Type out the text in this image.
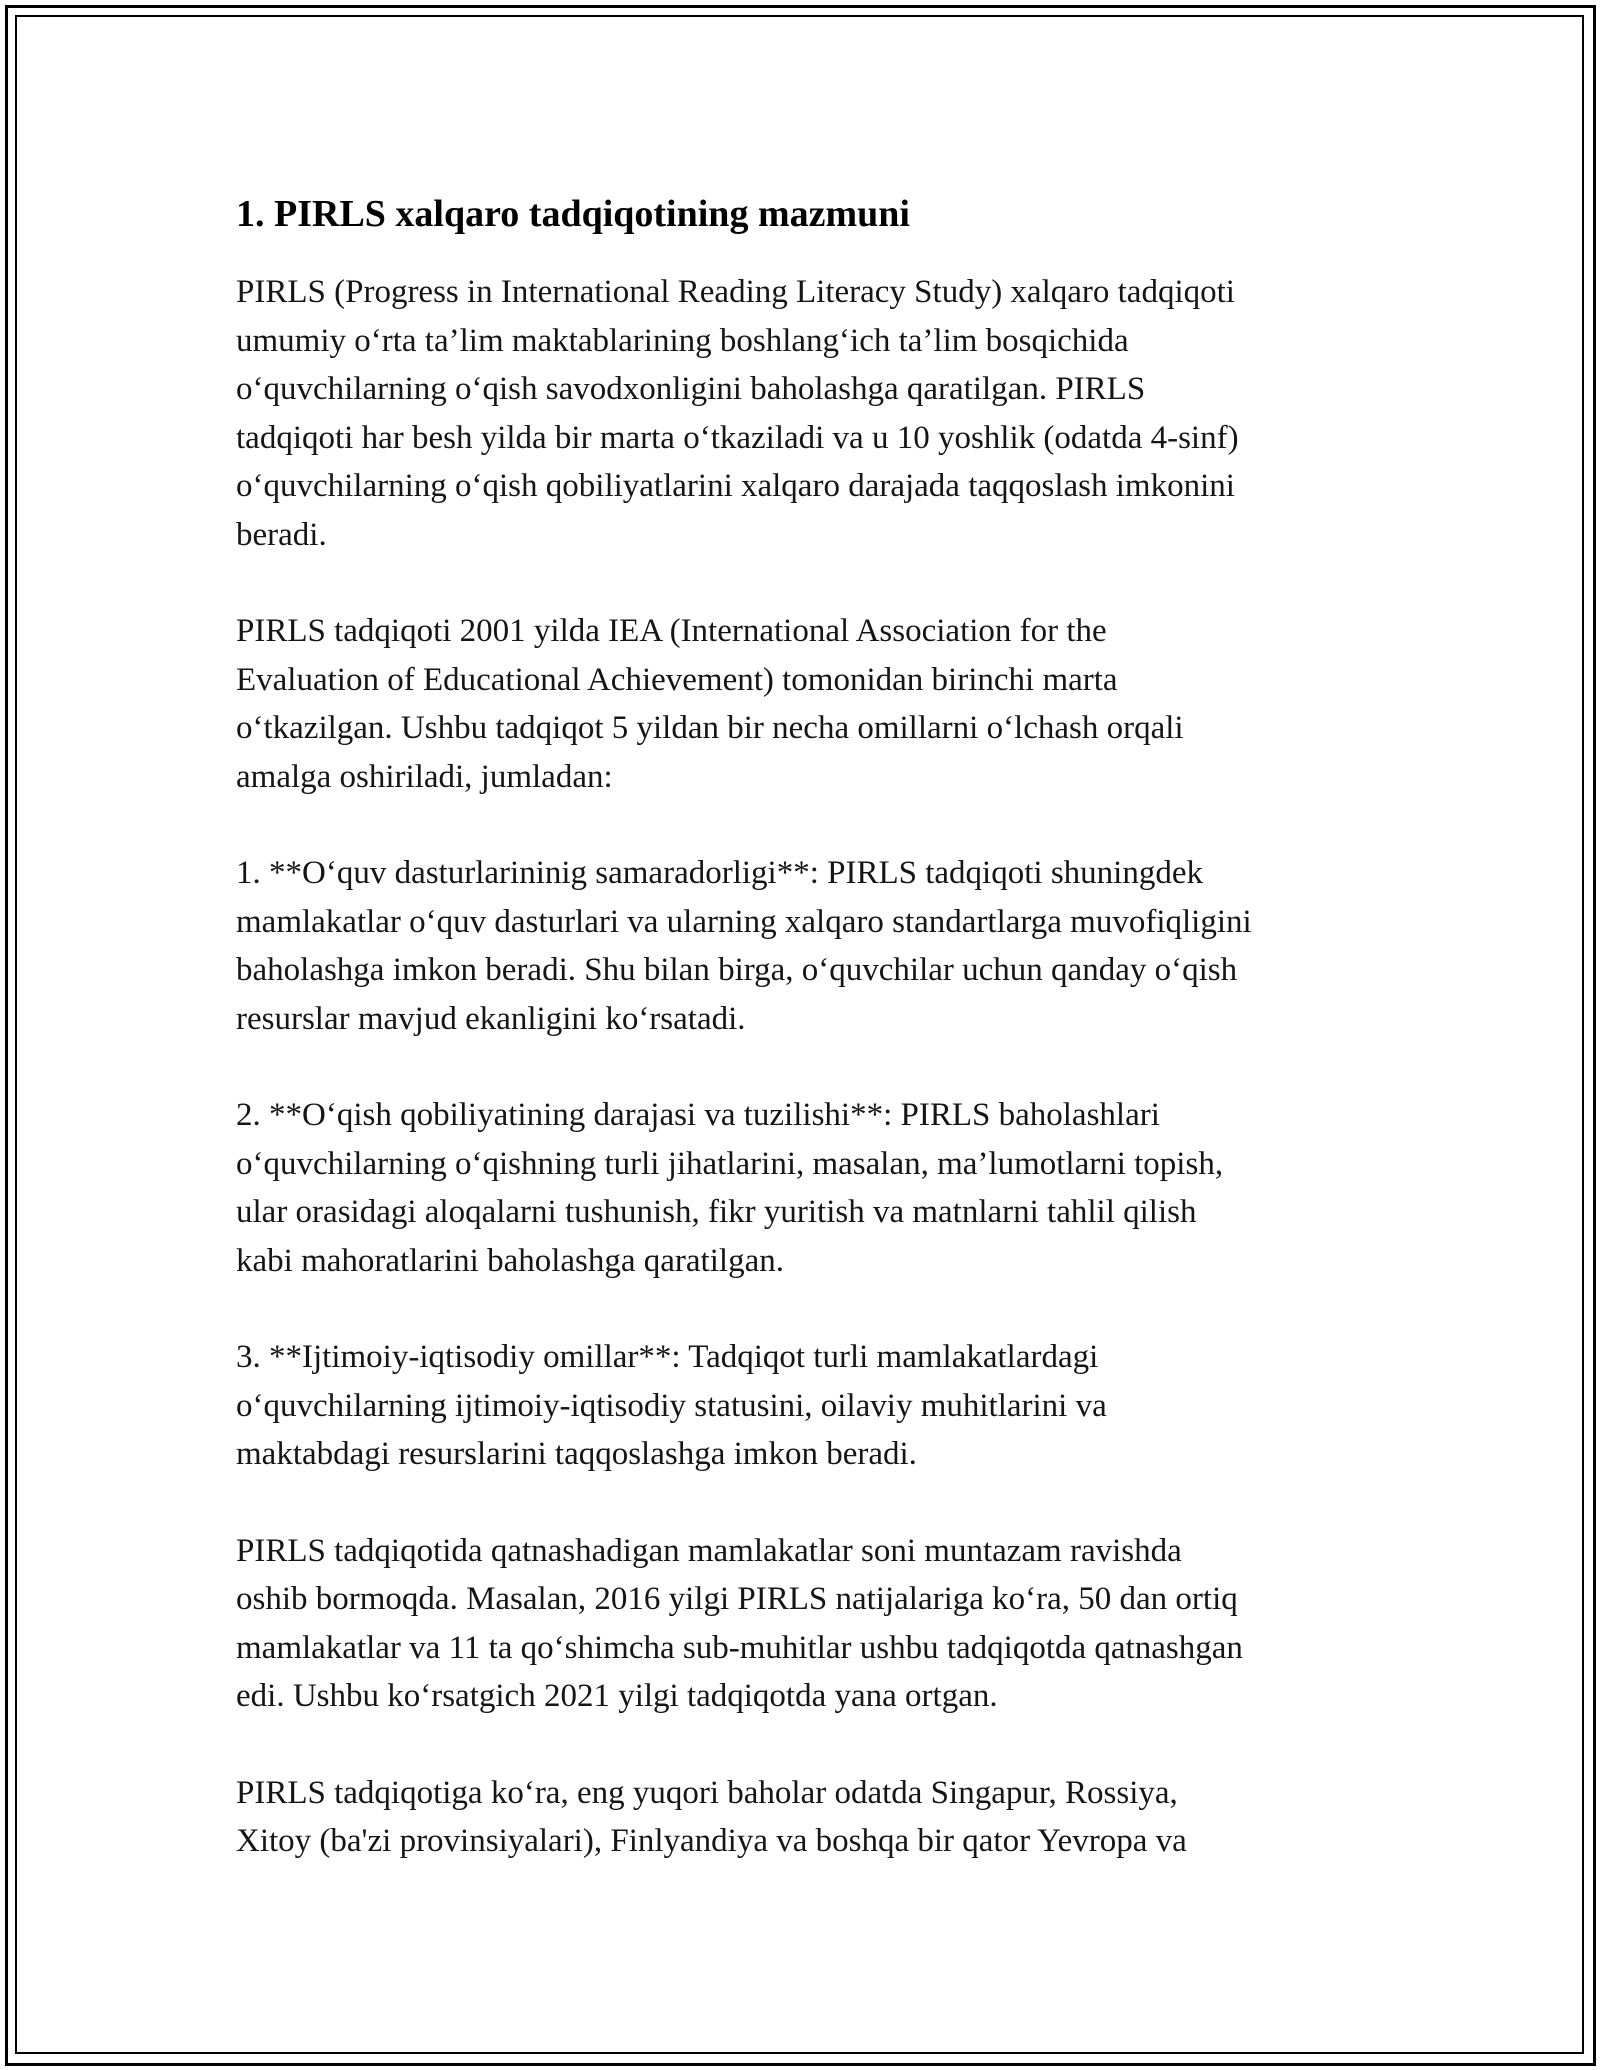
1. PIRLS xalqaro tadqiqotining mazmuni

PIRLS (Progress in International Reading Literacy Study) xalqaro tadqiqoti
umumiy o‘rta ta’lim maktablarining boshlang‘ich ta’lim bosqichida
o‘quvchilarning o‘qish savodxonligini baholashga qaratilgan. PIRLS
tadqiqoti har besh yilda bir marta o‘tkaziladi va u 10 yoshlik (odatda 4-sinf)
o‘quvchilarning o‘qish qobiliyatlarini xalqaro darajada taqqoslash imkonini
beradi.

PIRLS tadqiqoti 2001 yilda IEA (International Association for the
Evaluation of Educational Achievement) tomonidan birinchi marta
o‘tkazilgan. Ushbu tadqiqot 5 yildan bir necha omillarni o‘lchash orqali
amalga oshiriladi, jumladan:

1. **O‘quv dasturlarininig samaradorligi**: PIRLS tadqiqoti shuningdek
mamlakatlar o‘quv dasturlari va ularning xalqaro standartlarga muvofiqligini
baholashga imkon beradi. Shu bilan birga, o‘quvchilar uchun qanday o‘qish
resurslar mavjud ekanligini ko‘rsatadi.

2. **O‘qish qobiliyatining darajasi va tuzilishi**: PIRLS baholashlari
o‘quvchilarning o‘qishning turli jihatlarini, masalan, ma’lumotlarni topish,
ular orasidagi aloqalarni tushunish, fikr yuritish va matnlarni tahlil qilish
kabi mahoratlarini baholashga qaratilgan.

3. **Ijtimoiy-iqtisodiy omillar**: Tadqiqot turli mamlakatlardagi
o‘quvchilarning ijtimoiy-iqtisodiy statusini, oilaviy muhitlarini va
maktabdagi resurslarini taqqoslashga imkon beradi.

PIRLS tadqiqotida qatnashadigan mamlakatlar soni muntazam ravishda
oshib bormoqda. Masalan, 2016 yilgi PIRLS natijalariga ko‘ra, 50 dan ortiq
mamlakatlar va 11 ta qo‘shimcha sub-muhitlar ushbu tadqiqotda qatnashgan
edi. Ushbu ko‘rsatgich 2021 yilgi tadqiqotda yana ortgan.

PIRLS tadqiqotiga ko‘ra, eng yuqori baholar odatda Singapur, Rossiya,
Xitoy (ba'zi provinsiyalari), Finlyandiya va boshqa bir qator Yevropa va
